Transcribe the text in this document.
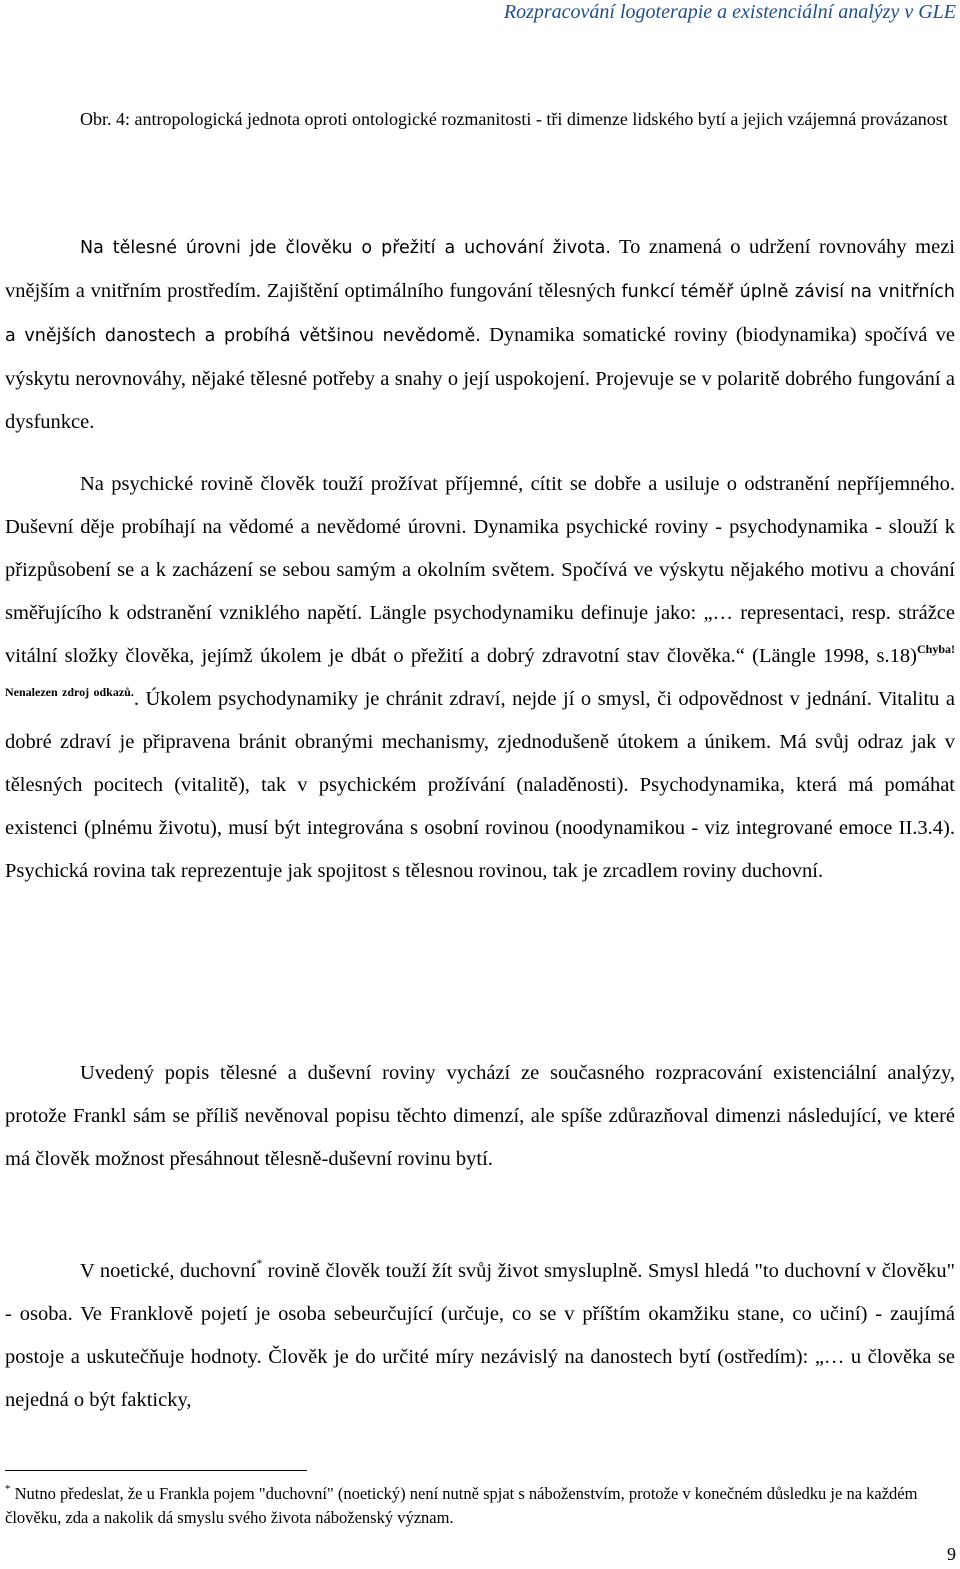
Rozpracování logoterapie a existenciální analýzy v GLE
Obr. 4: antropologická jednota oproti ontologické rozmanitosti - tři dimenze lidského bytí a jejich vzájemná provázanost
Na tělesné úrovni jde člověku o přežití a uchování života. To znamená o udržení rovnováhy mezi vnějším a vnitřním prostředím. Zajištění optimálního fungování tělesných funkcí téměř úplně závisí na vnitřních a vnějších danostech a probíhá většinou nevědomě. Dynamika somatické roviny (biodynamika) spočívá ve výskytu nerovnováhy, nějaké tělesné potřeby a snahy o její uspokojení. Projevuje se v polaritě dobrého fungování a dysfunkce.
Na psychické rovině člověk touží prožívat příjemné, cítit se dobře a usiluje o odstranění nepříjemného. Duševní děje probíhají na vědomé a nevědomé úrovni. Dynamika psychické roviny - psychodynamika - slouží k přizpůsobení se a k zacházení se sebou samým a okolním světem. Spočívá ve výskytu nějakého motivu a chování směřujícího k odstranění vzniklého napětí. Längle psychodynamiku definuje jako: „… representaci, resp. strážce vitální složky člověka, jejímž úkolem je dbát o přežití a dobrý zdravotní stav člověka.“ (Längle 1998, s.18)$^{Chyba! Nenalezen zdroj odkazů.}$. Úkolem psychodynamiky je chránit zdraví, nejde jí o smysl, či odpovědnost v jednání. Vitalitu a dobré zdraví je připravena bránit obranými mechanismy, zjednodušeně útokem a únikem. Má svůj odraz jak v tělesných pocitech (vitalitě), tak v psychickém prožívání (naladěnosti). Psychodynamika, která má pomáhat existenci (plnému životu), musí být integrována s osobní rovinou (noodynamikou - viz integrované emoce II.3.4). Psychická rovina tak reprezentuje jak spojitost s tělesnou rovinou, tak je zrcadlem roviny duchovní.
Uvedený popis tělesné a duševní roviny vychází ze současného rozpracování existenciální analýzy, protože Frankl sám se příliš nevěnoval popisu těchto dimenzí, ale spíše zdůrazňoval dimenzi následující, ve které má člověk možnost přesáhnout tělesně-duševní rovinu bytí.
V noetické, duchovní* rovině člověk touží žít svůj život smysluplně. Smysl hledá "to duchovní v člověku" - osoba. Ve Franklově pojetí je osoba sebeurčující (určuje, co se v příštím okamžiku stane, co učiní) - zaujímá postoje a uskutečňuje hodnoty. Člověk je do určité míry nezávislý na danostech bytí (ostředím): „… u člověka se nejedná o být fakticky,
* Nutno předeslat, že u Frankla pojem "duchovní" (noetický) není nutně spjat s náboženstvím, protože v konečném důsledku je na každém člověku, zda a nakolik dá smyslu svého života náboženský význam.
9
